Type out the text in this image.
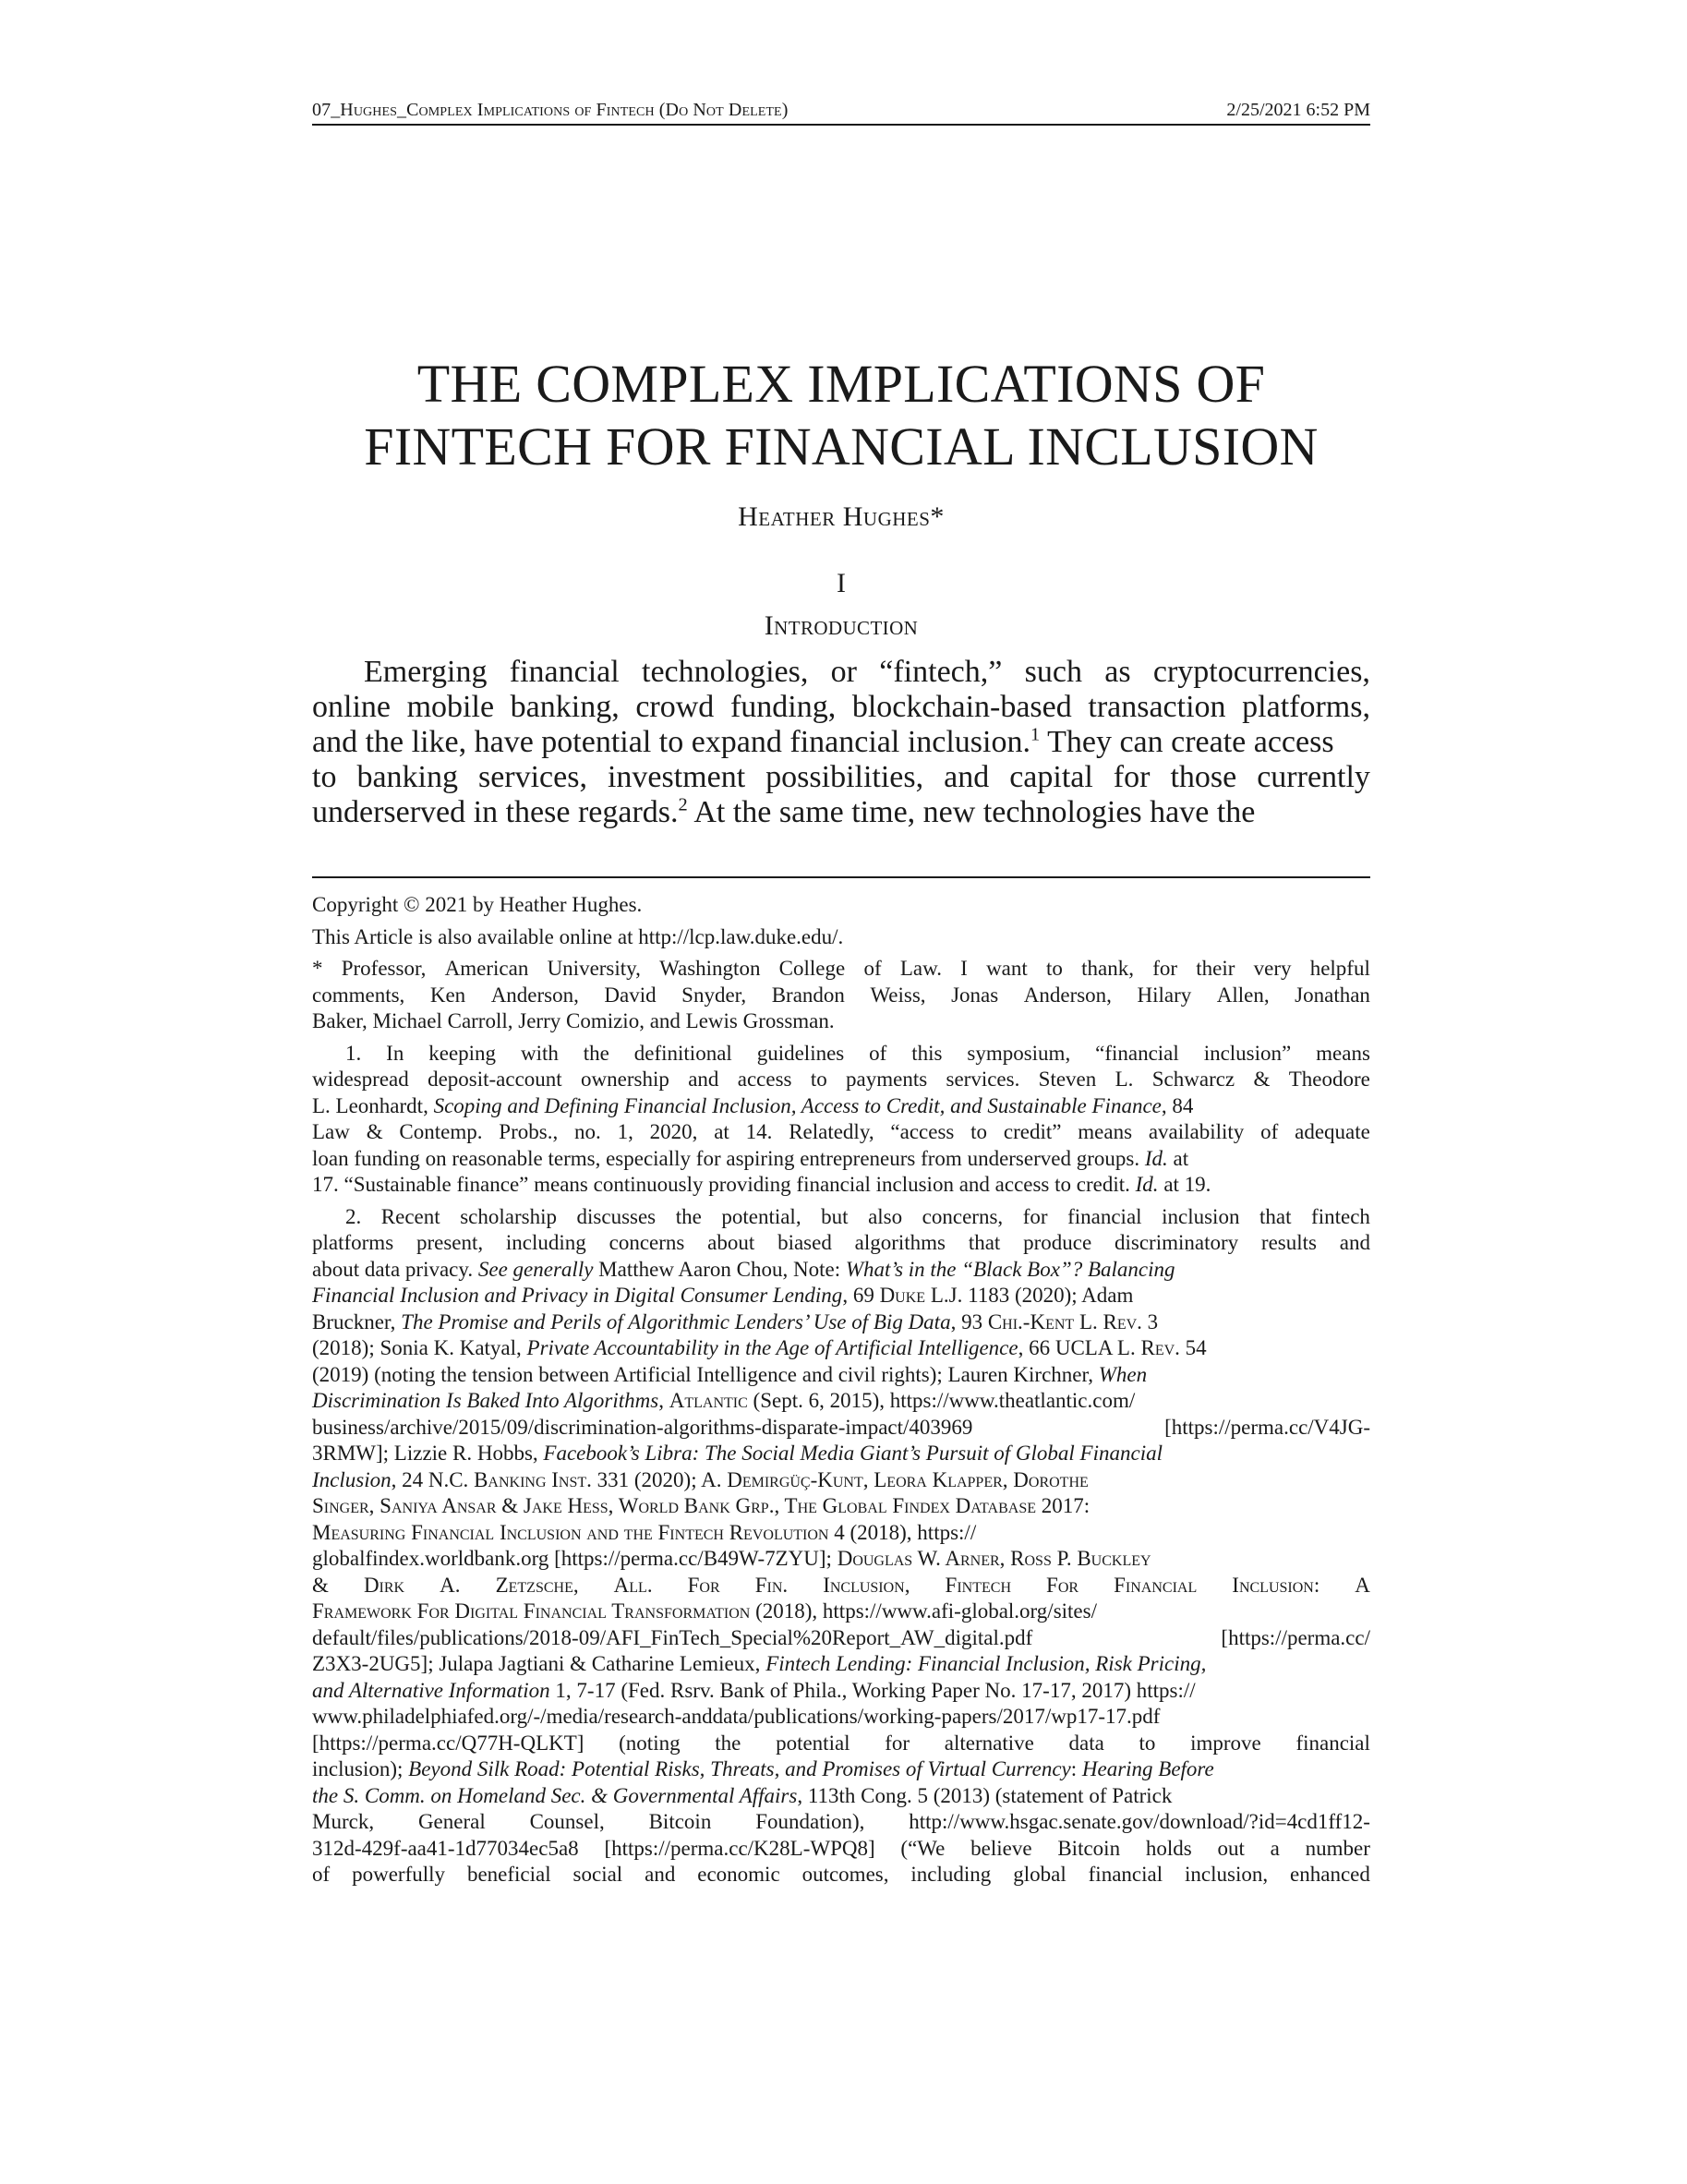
07_Hughes_Complex Implications of Fintech (Do Not Delete)	2/25/2021 6:52 PM
THE COMPLEX IMPLICATIONS OF
FINTECH FOR FINANCIAL INCLUSION
Heather Hughes*
I
Introduction
Emerging financial technologies, or “fintech,” such as cryptocurrencies,
online mobile banking, crowd funding, blockchain-based transaction platforms,
and the like, have potential to expand financial inclusion.$^1$ They can create access
to banking services, investment possibilities, and capital for those currently
underserved in these regards.$^2$ At the same time, new technologies have the
Copyright © 2021 by Heather Hughes.
This Article is also available online at http://lcp.law.duke.edu/.
* Professor, American University, Washington College of Law. I want to thank, for their very helpful
comments, Ken Anderson, David Snyder, Brandon Weiss, Jonas Anderson, Hilary Allen, Jonathan
Baker, Michael Carroll, Jerry Comizio, and Lewis Grossman.
1. In keeping with the definitional guidelines of this symposium, “financial inclusion” means
widespread deposit-account ownership and access to payments services. Steven L. Schwarcz & Theodore
L. Leonhardt, Scoping and Defining Financial Inclusion, Access to Credit, and Sustainable Finance, 84
Law & Contemp. Probs., no. 1, 2020, at 14. Relatedly, “access to credit” means availability of adequate
loan funding on reasonable terms, especially for aspiring entrepreneurs from underserved groups. Id. at
17. “Sustainable finance” means continuously providing financial inclusion and access to credit. Id. at 19.
2. Recent scholarship discusses the potential, but also concerns, for financial inclusion that fintech
platforms present, including concerns about biased algorithms that produce discriminatory results and
about data privacy. See generally Matthew Aaron Chou, Note: What’s in the “Black Box”? Balancing
Financial Inclusion and Privacy in Digital Consumer Lending, 69 Duke L.J. 1183 (2020); Adam
Bruckner, The Promise and Perils of Algorithmic Lenders’ Use of Big Data, 93 Chi.-Kent L. Rev. 3
(2018); Sonia K. Katyal, Private Accountability in the Age of Artificial Intelligence, 66 UCLA L. Rev. 54
(2019) (noting the tension between Artificial Intelligence and civil rights); Lauren Kirchner, When
Discrimination Is Baked Into Algorithms, Atlantic (Sept. 6, 2015), https://www.theatlantic.com/
business/archive/2015/09/discrimination-algorithms-disparate-impact/403969	[https://perma.cc/V4JG-
3RMW]; Lizzie R. Hobbs, Facebook’s Libra: The Social Media Giant’s Pursuit of Global Financial
Inclusion, 24 N.C. Banking Inst. 331 (2020); A. Demirgüç-Kunt, Leora Klapper, Dorothe
Singer, Saniya Ansar & Jake Hess, World Bank Grp., The Global Findex Database 2017:
Measuring Financial Inclusion and the Fintech Revolution 4 (2018), https://
globalfindex.worldbank.org [https://perma.cc/B49W-7ZYU]; Douglas W. Arner, Ross P. Buckley
& Dirk A. Zetzsche, All. For Fin. Inclusion, Fintech For Financial Inclusion: A
Framework For Digital Financial Transformation (2018), https://www.afi-global.org/sites/
default/files/publications/2018-09/AFI_FinTech_Special%20Report_AW_digital.pdf	[https://perma.cc/
Z3X3-2UG5]; Julapa Jagtiani & Catharine Lemieux, Fintech Lending: Financial Inclusion, Risk Pricing,
and Alternative Information 1, 7-17 (Fed. Rsrv. Bank of Phila., Working Paper No. 17-17, 2017) https://
www.philadelphiafed.org/-/media/research-anddata/publications/working-papers/2017/wp17-17.pdf
[https://perma.cc/Q77H-QLKT] (noting the potential for alternative data to improve financial
inclusion); Beyond Silk Road: Potential Risks, Threats, and Promises of Virtual Currency: Hearing Before
the S. Comm. on Homeland Sec. & Governmental Affairs, 113th Cong. 5 (2013) (statement of Patrick
Murck, General Counsel, Bitcoin Foundation), http://www.hsgac.senate.gov/download/?id=4cd1ff12-
312d-429f-aa41-1d77034ec5a8 [https://perma.cc/K28L-WPQ8] (“We believe Bitcoin holds out a number
of powerfully beneficial social and economic outcomes, including global financial inclusion, enhanced
